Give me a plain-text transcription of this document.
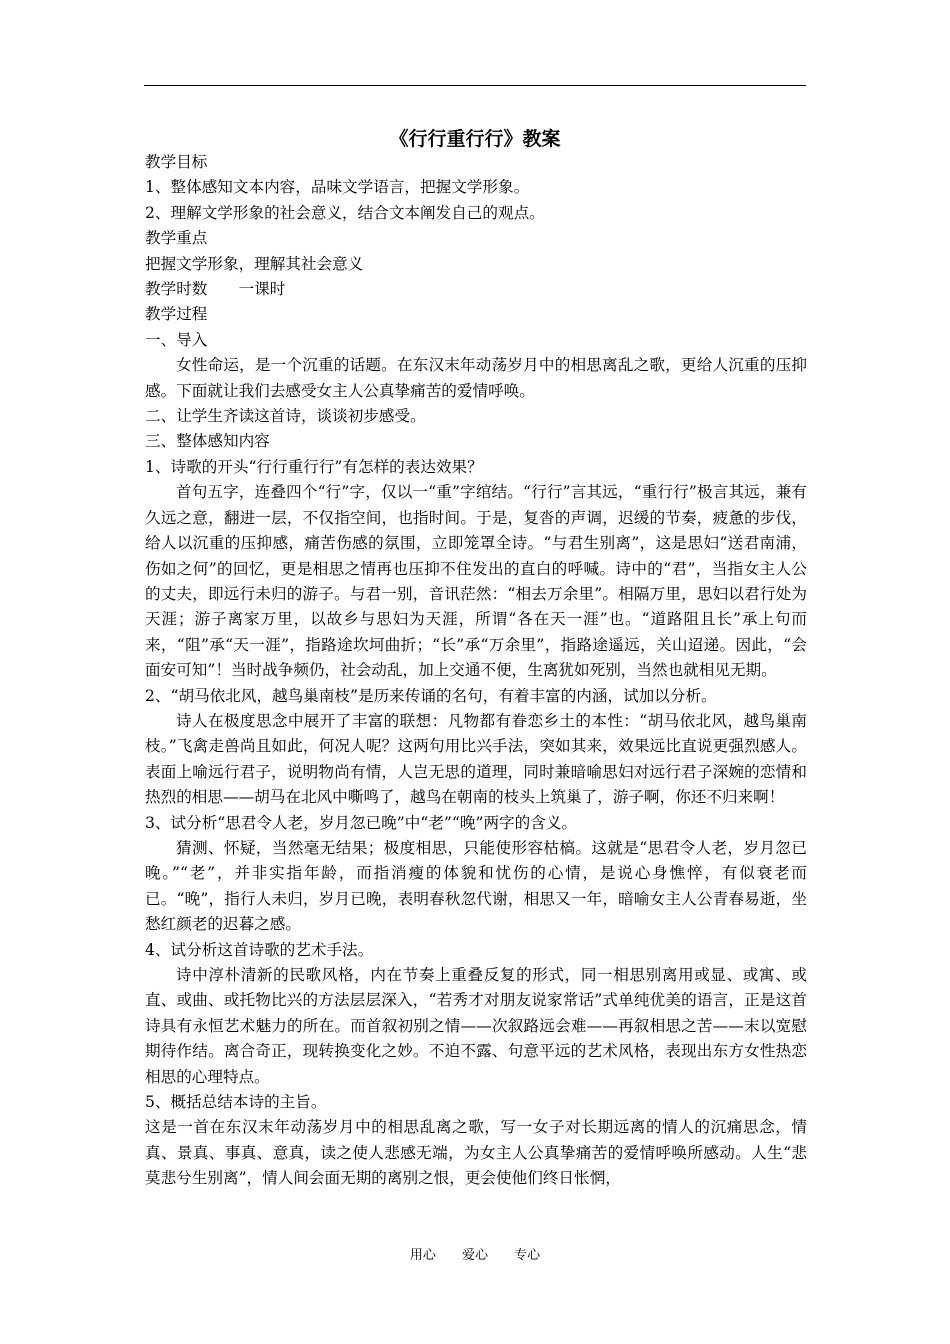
《行行重行行》教案

教学目标

1、整体感知文本内容，品味文学语言，把握文学形象。

2、理解文学形象的社会意义，结合文本阐发自己的观点。

教学重点

把握文学形象，理解其社会意义

教学时数　　一课时

教学过程

一、导入

女性命运，是一个沉重的话题。在东汉末年动荡岁月中的相思离乱之歌，更给人沉重的压抑感。下面就让我们去感受女主人公真挚痛苦的爱情呼唤。

二、让学生齐读这首诗，谈谈初步感受。

三、整体感知内容

1、诗歌的开头“行行重行行”有怎样的表达效果？

首句五字，连叠四个“行”字，仅以一“重”字绾结。“行行”言其远，“重行行”极言其远，兼有久远之意，翻进一层，不仅指空间，也指时间。于是，复沓的声调，迟缓的节奏，疲惫的步伐，给人以沉重的压抑感，痛苦伤感的氛围，立即笼罩全诗。“与君生别离”，这是思妇“送君南浦，伤如之何”的回忆，更是相思之情再也压抑不住发出的直白的呼喊。诗中的“君”，当指女主人公的丈夫，即远行未归的游子。与君一别，音讯茫然：“相去万余里”。相隔万里，思妇以君行处为天涯；游子离家万里，以故乡与思妇为天涯，所谓“各在天一涯”也。“道路阻且长”承上句而来，“阻”承“天一涯”，指路途坎坷曲折；“长”承“万余里”，指路途遥远，关山迢递。因此，“会面安可知”！当时战争频仍，社会动乱，加上交通不便，生离犹如死别，当然也就相见无期。

2、“胡马依北风，越鸟巢南枝”是历来传诵的名句，有着丰富的内涵，试加以分析。

诗人在极度思念中展开了丰富的联想：凡物都有眷恋乡土的本性：“胡马依北风，越鸟巢南枝。”飞禽走兽尚且如此，何况人呢？这两句用比兴手法，突如其来，效果远比直说更强烈感人。表面上喻远行君子，说明物尚有情，人岂无思的道理，同时兼暗喻思妇对远行君子深婉的恋情和热烈的相思——胡马在北风中嘶鸣了，越鸟在朝南的枝头上筑巢了，游子啊，你还不归来啊！

3、试分析“思君令人老，岁月忽已晚”中“老”“晚”两字的含义。

猜测、怀疑，当然毫无结果；极度相思，只能使形容枯槁。这就是“思君令人老，岁月忽已晚。”“老”，并非实指年龄，而指消瘦的体貌和忧伤的心情，是说心身憔悴，有似衰老而已。“晚”，指行人未归，岁月已晚，表明春秋忽代谢，相思又一年，暗喻女主人公青春易逝，坐愁红颜老的迟暮之感。

4、试分析这首诗歌的艺术手法。

诗中淳朴清新的民歌风格，内在节奏上重叠反复的形式，同一相思别离用或显、或寓、或直、或曲、或托物比兴的方法层层深入，“若秀才对朋友说家常话”式单纯优美的语言，正是这首诗具有永恒艺术魅力的所在。而首叙初别之情——次叙路远会难——再叙相思之苦——末以宽慰期待作结。离合奇正，现转换变化之妙。不迫不露、句意平远的艺术风格，表现出东方女性热恋相思的心理特点。

5、概括总结本诗的主旨。

这是一首在东汉末年动荡岁月中的相思乱离之歌，写一女子对长期远离的情人的沉痛思念，情真、景真、事真、意真，读之使人悲感无端，为女主人公真挚痛苦的爱情呼唤所感动。人生“悲莫悲兮生别离”，情人间会面无期的离别之恨，更会使他们终日怅惘，

用心 爱心 专心
